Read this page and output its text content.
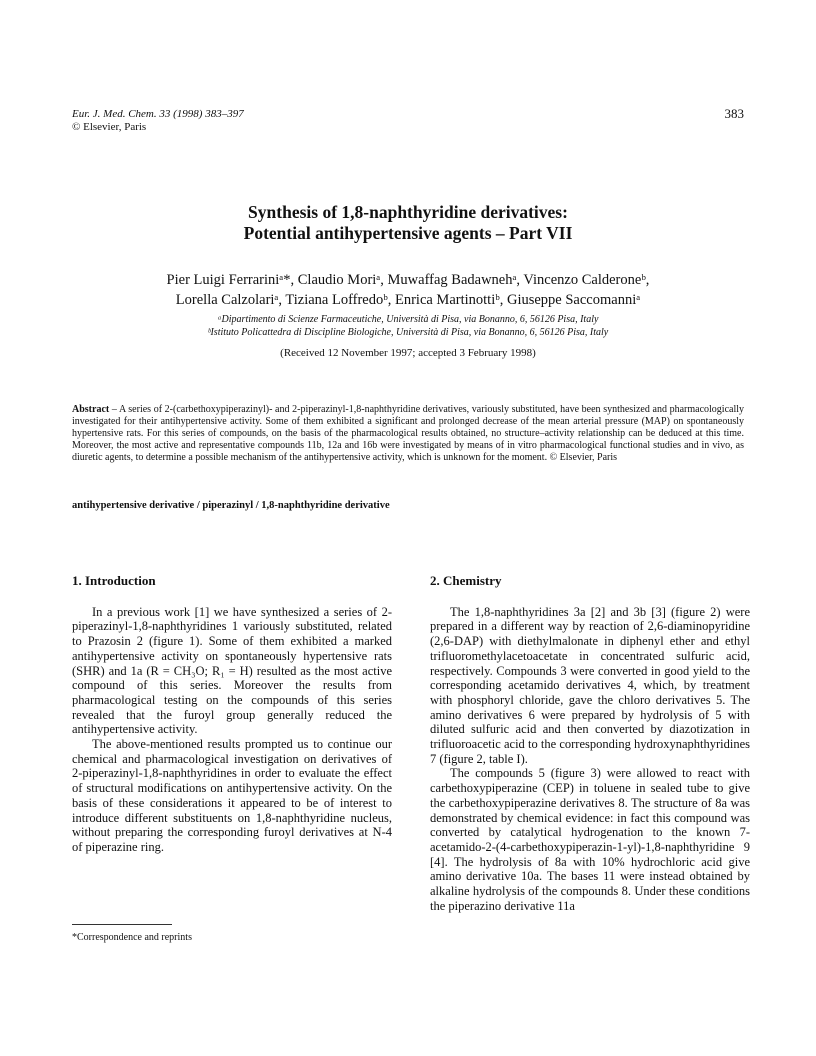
Eur. J. Med. Chem. 33 (1998) 383–397
© Elsevier, Paris
383
Synthesis of 1,8-naphthyridine derivatives:
Potential antihypertensive agents – Part VII
Pier Luigi Ferrariniᵃ*, Claudio Moriᵃ, Muwaffag Badawnehᵃ, Vincenzo Calderoneᵇ,
Lorella Calzolariᵃ, Tiziana Loffredoᵇ, Enrica Martinottiᵇ, Giuseppe Saccomanniᵃ
ᵃDipartimento di Scienze Farmaceutiche, Università di Pisa, via Bonanno, 6, 56126 Pisa, Italy
ᵇIstituto Policattedra di Discipline Biologiche, Università di Pisa, via Bonanno, 6, 56126 Pisa, Italy
(Received 12 November 1997; accepted 3 February 1998)
Abstract – A series of 2-(carbethoxypiperazinyl)- and 2-piperazinyl-1,8-naphthyridine derivatives, variously substituted, have been synthesized and pharmacologically investigated for their antihypertensive activity. Some of them exhibited a significant and prolonged decrease of the mean arterial pressure (MAP) on spontaneously hypertensive rats. For this series of compounds, on the basis of the pharmacological results obtained, no structure–activity relationship can be deduced at this time. Moreover, the most active and representative compounds 11b, 12a and 16b were investigated by means of in vitro pharmacological functional studies and in vivo, as diuretic agents, to determine a possible mechanism of the antihypertensive activity, which is unknown for the moment. © Elsevier, Paris
antihypertensive derivative / piperazinyl / 1,8-naphthyridine derivative
1. Introduction

In a previous work [1] we have synthesized a series of 2-piperazinyl-1,8-naphthyridines 1 variously substituted, related to Prazosin 2 (figure 1). Some of them exhibited a marked antihypertensive activity on spontaneously hypertensive rats (SHR) and 1a (R = CH₃O; R₁ = H) resulted as the most active compound of this series. Moreover the results from pharmacological testing on the compounds of this series revealed that the furoyl group generally reduced the antihypertensive activity.

The above-mentioned results prompted us to continue our chemical and pharmacological investigation on derivatives of 2-piperazinyl-1,8-naphthyridines in order to evaluate the effect of structural modifications on antihypertensive activity. On the basis of these considerations it appeared to be of interest to introduce different substituents on 1,8-naphthyridine nucleus, without preparing the corresponding furoyl derivatives at N-4 of piperazine ring.

2. Chemistry

The 1,8-naphthyridines 3a [2] and 3b [3] (figure 2) were prepared in a different way by reaction of 2,6-diaminopyridine (2,6-DAP) with diethylmalonate in diphenyl ether and ethyl trifluoromethylacetoacetate in concentrated sulfuric acid, respectively. Compounds 3 were converted in good yield to the corresponding acetamido derivatives 4, which, by treatment with phosphoryl chloride, gave the chloro derivatives 5. The amino derivatives 6 were prepared by hydrolysis of 5 with diluted sulfuric acid and then converted by diazotization in trifluoroacetic acid to the corresponding hydroxynaphthyridines 7 (figure 2, table I).

The compounds 5 (figure 3) were allowed to react with carbethoxypiperazine (CEP) in toluene in sealed tube to give the carbethoxypiperazine derivatives 8. The structure of 8a was demonstrated by chemical evidence: in fact this compound was converted by catalytical hydrogenation to the known 7-acetamido-2-(4-carbethoxypiperazin-1-yl)-1,8-naphthyridine 9 [4]. The hydrolysis of 8a with 10% hydrochloric acid give amino derivative 10a. The bases 11 were instead obtained by alkaline hydrolysis of the compounds 8. Under these conditions the piperazino derivative 11a

*Correspondence and reprints
